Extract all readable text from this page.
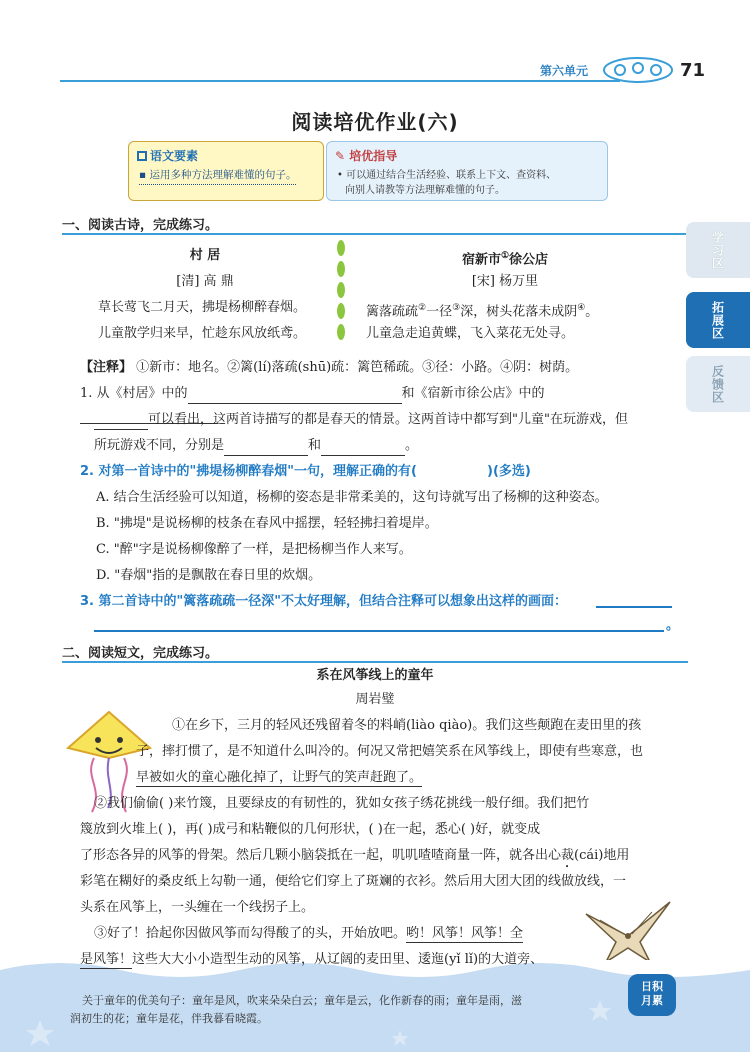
第六单元	71
阅读培优作业(六)
语文要素
▪ 运用多种方法理解难懂的句子。
✎ 培优指导
• 可以通过结合生活经验、联系上下文、查资料、
向别人请教等方法理解难懂的句子。
一、阅读古诗，完成练习。
村 居
[清] 高 鼎
草长莺飞二月天，拂堤杨柳醉春烟。
儿童散学归来早，忙趁东风放纸鸢。
宿新市①徐公店
[宋] 杨万里
篱落疏疏②一径③深，树头花落未成阴④。
儿童急走追黄蝶，飞入菜花无处寻。
【注释】 ①新市：地名。②篱(lí)落疏(shū)疏：篱笆稀疏。③径：小路。④阴：树荫。
1. 从《村居》中的	和《宿新市徐公店》中的
可以看出，这两首诗描写的都是春天的情景。这两首诗中都写到"儿童"在玩游戏，但
所玩游戏不同，分别是	和	。
2. 对第一首诗中的"拂堤杨柳醉春烟"一句，理解正确的有(	)(多选)
A. 结合生活经验可以知道，杨柳的姿态是非常柔美的，这句诗就写出了杨柳的这种姿态。
B. "拂堤"是说杨柳的枝条在春风中摇摆，轻轻拂扫着堤岸。
C. "醉"字是说杨柳像醉了一样，是把杨柳当作人来写。
D. "春烟"指的是飘散在春日里的炊烟。
3. 第二首诗中的"篱落疏疏一径深"不太好理解，但结合注释可以想象出这样的画面：
。
二、阅读短文，完成练习。
系在风筝线上的童年
周岩璧
①在乡下，三月的轻风还残留着冬的料峭(liào qiào)。我们这些颠跑在麦田里的孩
子，摔打惯了，是不知道什么叫冷的。何况又常把嬉笑系在风筝线上，即使有些寒意，也
早被如火的童心融化掉了，让野气的笑声赶跑了。
②我们偷偷( )来竹篾，且要绿皮的有韧性的，犹如女孩子绣花挑线一般仔细。我们把竹
篾放到火堆上( )，再( )成弓和粘鞭似的几何形状，( )在一起，悉心( )好，就变成
了形态各异的风筝的骨架。然后几颗小脑袋抵在一起，叽叽喳喳商量一阵，就各出心裁(cái)地用
彩笔在糊好的桑皮纸上勾勒一通，便给它们穿上了斑斓的衣衫。然后用大团大团的线做放线，一
头系在风筝上，一头缠在一个线拐子上。
③好了！拾起你因做风筝而勾得酸了的头，开始放吧。哟！风筝！风筝！全
是风筝！这些大大小小造型生动的风筝，从辽阔的麦田里、逶迤(yǐ lǐ)的大道旁、
关于童年的优美句子：童年是风，吹来朵朵白云；童年是云，化作新春的雨；童年是雨，滋
润初生的花；童年是花，伴我暮看晓霞。
日积
月累
学习区
拓展区
反馈区
